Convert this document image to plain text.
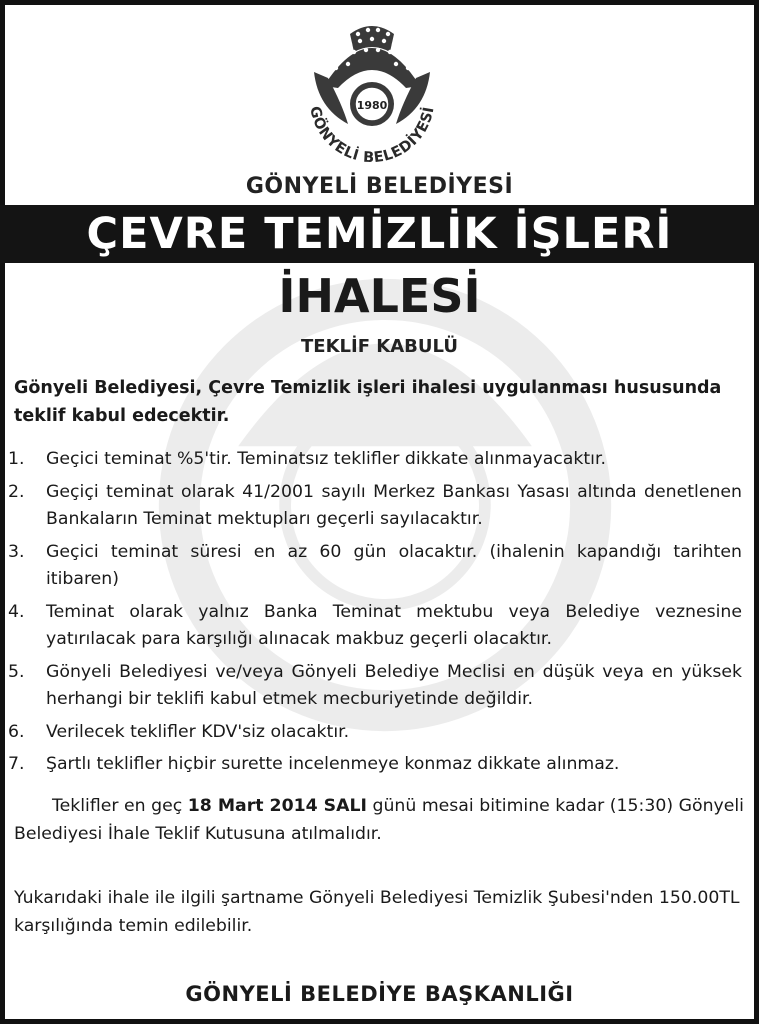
1980
GÖNYELİ BELEDİYESİ
GÖNYELİ BELEDİYESİ
ÇEVRE TEMİZLİK İŞLERİ
İHALESİ
TEKLİF KABULÜ
Gönyeli Belediyesi, Çevre Temizlik işleri ihalesi uygulanması hususunda teklif kabul edecektir.
1. Geçici teminat %5'tir. Teminatsız teklifler dikkate alınmayacaktır.
2. Geçiçi teminat olarak 41/2001 sayılı Merkez Bankası Yasası altında denetlenen Bankaların Teminat mektupları geçerli sayılacaktır.
3. Geçici teminat süresi en az 60 gün olacaktır. (ihalenin kapandığı tarihten itibaren)
4. Teminat olarak yalnız Banka Teminat mektubu veya Belediye veznesine yatırılacak para karşılığı alınacak makbuz geçerli olacaktır.
5. Gönyeli Belediyesi ve/veya Gönyeli Belediye Meclisi en düşük veya en yüksek herhangi bir teklifi kabul etmek mecburiyetinde değildir.
6. Verilecek teklifler KDV'siz olacaktır.
7. Şartlı teklifler hiçbir surette incelenmeye konmaz dikkate alınmaz.

Teklifler en geç 18 Mart 2014 SALI günü mesai bitimine kadar (15:30) Gönyeli Belediyesi İhale Teklif Kutusuna atılmalıdır.

Yukarıdaki ihale ile ilgili şartname Gönyeli Belediyesi Temizlik Şubesi'nden 150.00TL karşılığında temin edilebilir.

GÖNYELİ BELEDİYE BAŞKANLIĞI
